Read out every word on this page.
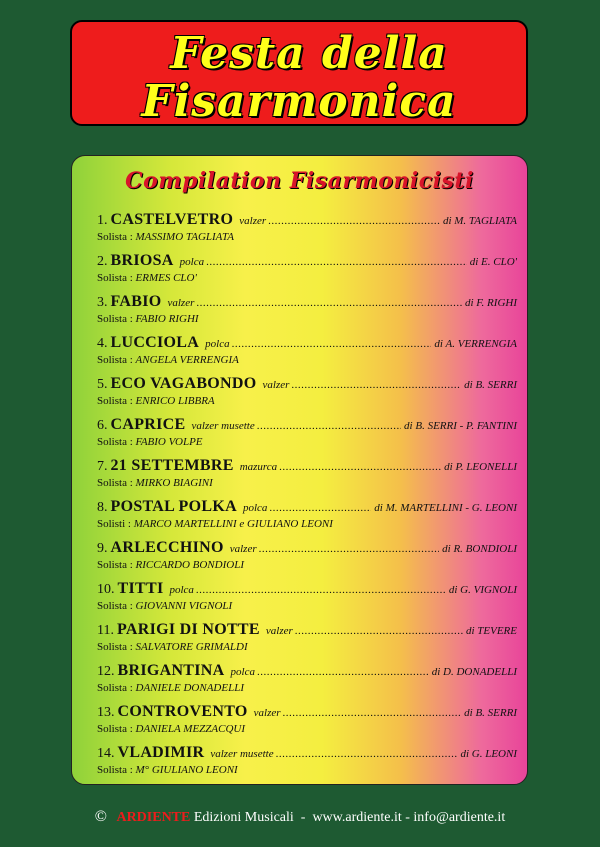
Festa della
Fisarmonica
Compilation Fisarmonicisti
1. CASTELVETRO valzer .....	di M. TAGLIATA
Solista : MASSIMO TAGLIATA
2. BRIOSA polca .....	di E. CLO'
Solista : ERMES CLO'
3. FABIO valzer .....	di F. RIGHI
Solista : FABIO RIGHI
4. LUCCIOLA polca .....	di A. VERRENGIA
Solista : ANGELA VERRENGIA
5. ECO VAGABONDO valzer .....	di B. SERRI
Solista : ENRICO LIBBRA
6. CAPRICE valzer musette .....	di B. SERRI - P. FANTINI
Solista : FABIO VOLPE
7. 21 SETTEMBRE mazurca .....	di P. LEONELLI
Solista : MIRKO BIAGINI
8. POSTAL POLKA polca .....	di M. MARTELLINI - G. LEONI
Solisti : MARCO MARTELLINI e GIULIANO LEONI
9. ARLECCHINO valzer .....	di R. BONDIOLI
Solista : RICCARDO BONDIOLI
10. TITTI polca .....	di G. VIGNOLI
Solista : GIOVANNI VIGNOLI
11. PARIGI DI NOTTE valzer .....	di TEVERE
Solista : SALVATORE GRIMALDI
12. BRIGANTINA polca .....	di D. DONADELLI
Solista : DANIELE DONADELLI
13. CONTROVENTO valzer .....	di B. SERRI
Solista : DANIELA MEZZACQUI
14. VLADIMIR valzer musette .....	di G. LEONI
Solista : M° GIULIANO LEONI
© ARDIENTE Edizioni Musicali  -  www.ardiente.it - info@ardiente.it
